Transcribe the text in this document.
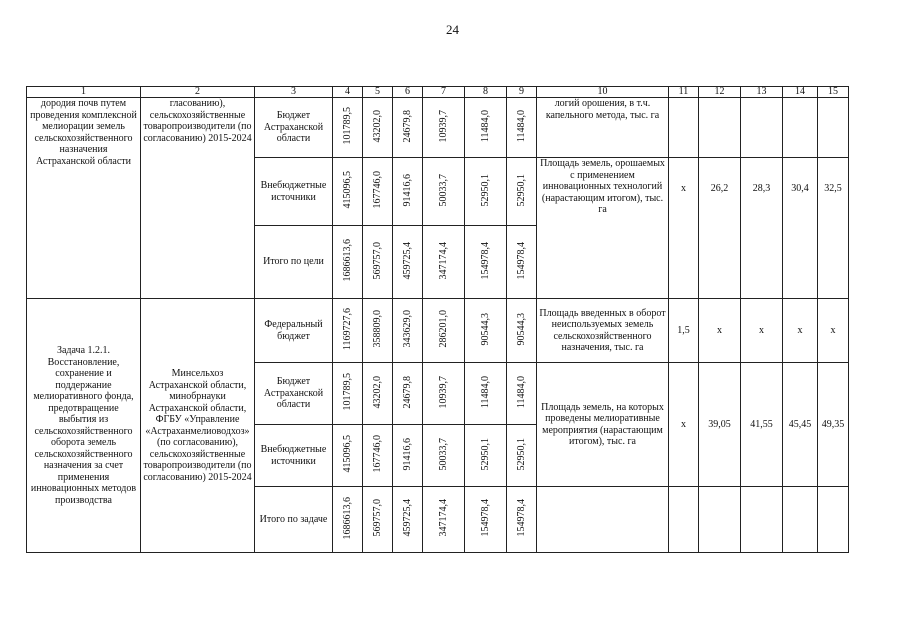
24
1	2	3	4	5	6	7	8	9	10	11	12	13	14	15
дородия почв путем проведения комплексной мелиорации земель сельскохозяйственного назначения Астраханской области	гласованию), сельскохозяйственные товаропроизводители (по согласованию) 2015-2024	Бюджет Астраханской области	101789,5	43202,0	24679,8	10939,7	11484,0	11484,0	логий орошения, в т.ч. капельного метода, тыс. га					
		Внебюджетные источники	415096,5	167746,0	91416,6	50033,7	52950,1	52950,1	Площадь земель, орошаемых с применением инновационных технологий (нарастающим итогом), тыс. га	х	26,2	28,3	30,4	32,5
		Итого по цели	1686613,6	569757,0	459725,4	347174,4	154978,4	154978,4						
Задача 1.2.1. Восстановление, сохранение и поддержание мелиоративного фонда, предотвращение выбытия из сельскохозяйственного оборота земель сельскохозяйственного назначения за счет применения инновационных методов производства	Минсельхоз Астраханской области, минобрнауки Астраханской области, ФГБУ «Управление «Астраханмелиоводхоз» (по согласованию), сельскохозяйственные товаропроизводители (по согласованию) 2015-2024	Федеральный бюджет	1169727,6	358809,0	343629,0	286201,0	90544,3	90544,3	Площадь введенных в оборот неиспользуемых земель сельскохозяйственного назначения, тыс. га	1,5	х	х	х	х
		Бюджет Астраханской области	101789,5	43202,0	24679,8	10939,7	11484,0	11484,0	Площадь земель, на которых проведены мелиоративные мероприятия (нарастающим итогом), тыс. га	х	39,05	41,55	45,45	49,35
		Внебюджетные источники	415096,5	167746,0	91416,6	50033,7	52950,1	52950,1						
		Итого по задаче	1686613,6	569757,0	459725,4	347174,4	154978,4	154978,4						
